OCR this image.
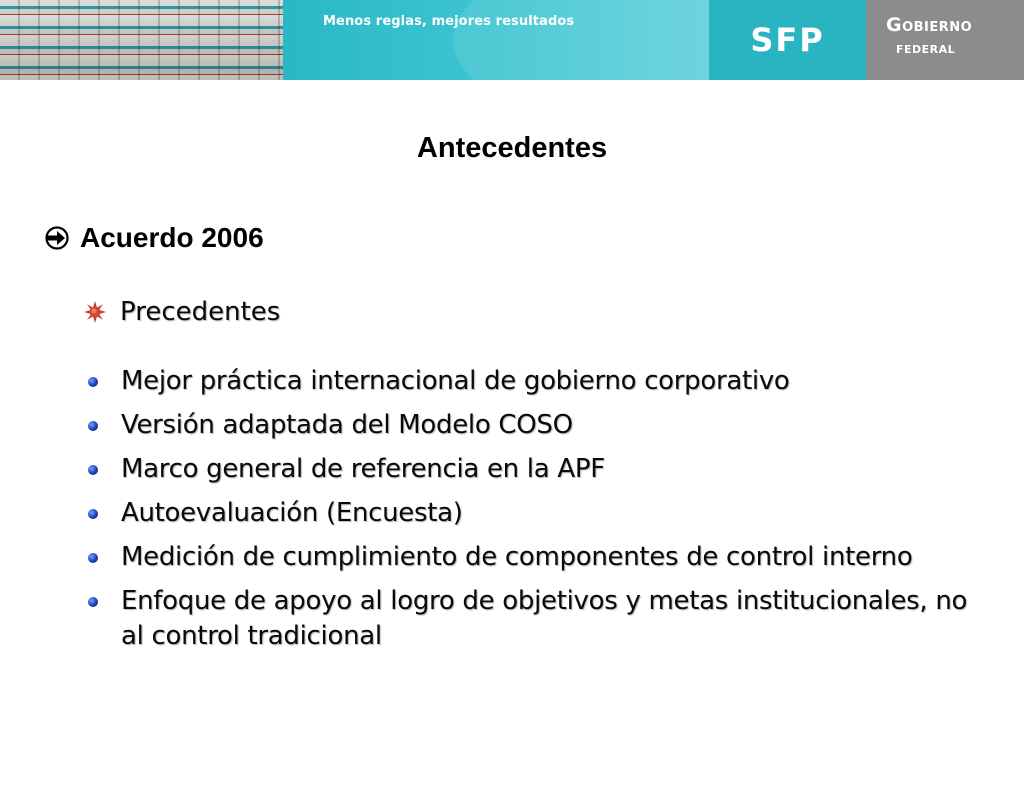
Menos reglas, mejores resultados	SFP	Gobierno
federal
Antecedentes
Acuerdo 2006
Precedentes
Mejor práctica internacional de gobierno corporativo
Versión adaptada del Modelo COSO
Marco general de referencia en la APF
Autoevaluación (Encuesta)
Medición de cumplimiento de componentes de control interno
Enfoque de apoyo al logro de objetivos y metas institucionales, no al control tradicional
